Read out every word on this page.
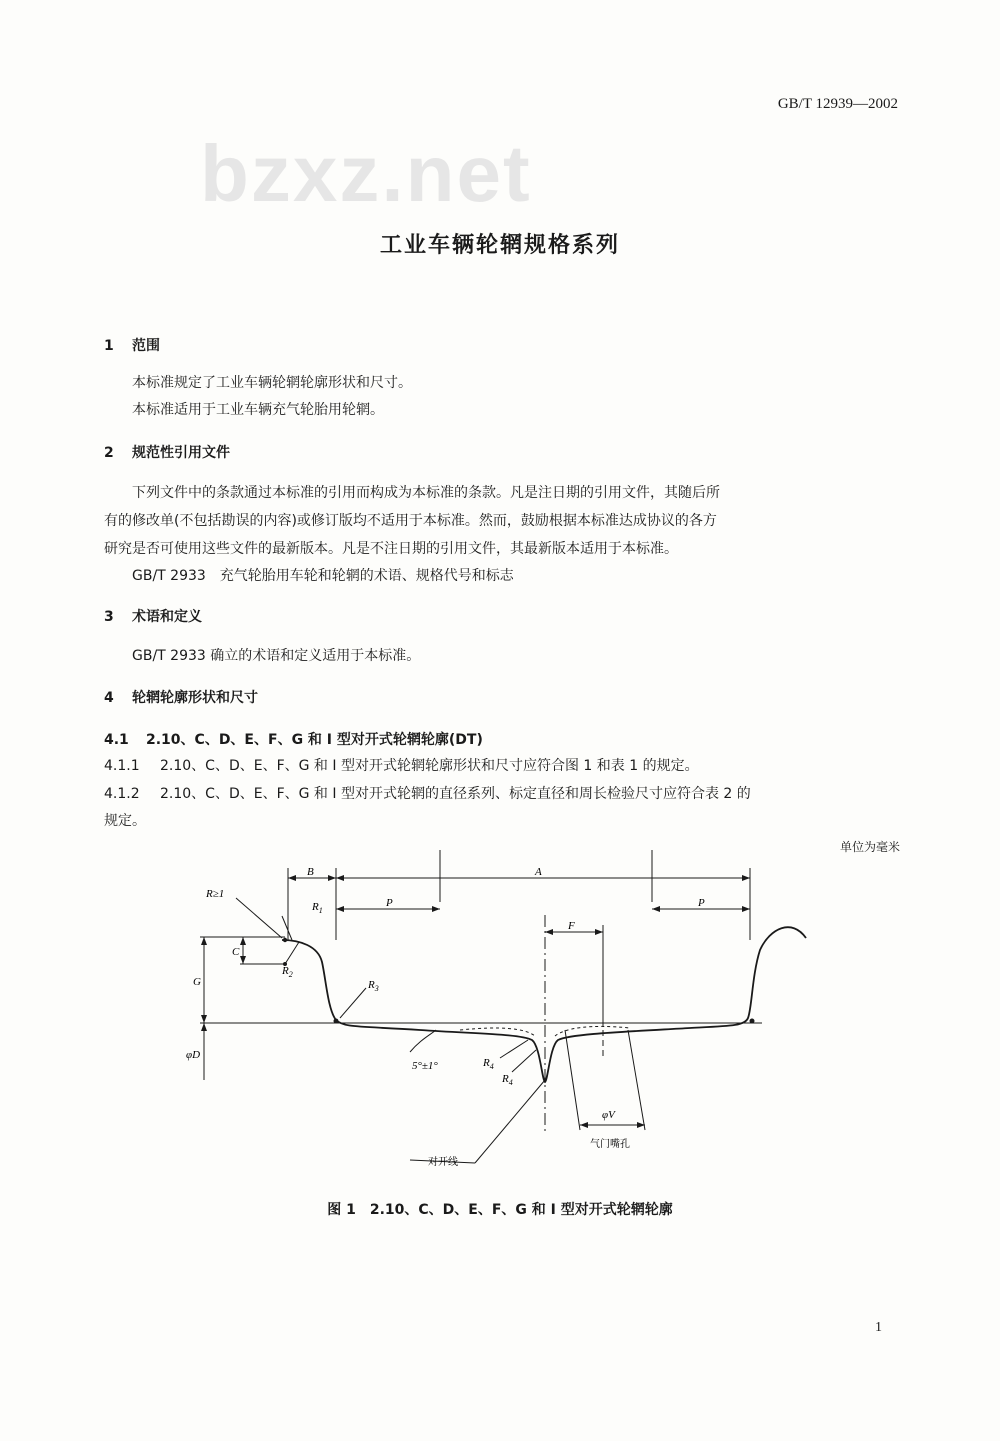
GB/T 12939—2002
bzxz.net
工业车辆轮辋规格系列
1 范围
本标准规定了工业车辆轮辋轮廓形状和尺寸。
本标准适用于工业车辆充气轮胎用轮辋。
2 规范性引用文件
下列文件中的条款通过本标准的引用而构成为本标准的条款。凡是注日期的引用文件，其随后所
有的修改单(不包括勘误的内容)或修订版均不适用于本标准。然而，鼓励根据本标准达成协议的各方
研究是否可使用这些文件的最新版本。凡是不注日期的引用文件，其最新版本适用于本标准。
GB/T 2933　充气轮胎用车轮和轮辋的术语、规格代号和标志
3 术语和定义
GB/T 2933 确立的术语和定义适用于本标准。
4 轮辋轮廓形状和尺寸
4.1 2.10、C、D、E、F、G 和 I 型对开式轮辋轮廓(DT)
4.1.1 2.10、C、D、E、F、G 和 I 型对开式轮辋轮廓形状和尺寸应符合图 1 和表 1 的规定。
4.1.2 2.10、C、D、E、F、G 和 I 型对开式轮辋的直径系列、标定直径和周长检验尺寸应符合表 2 的
规定。
单位为毫米
R≥1
B	A
$R_1$
P	P
F
C
G
$R_2$
$R_3$
φD
5°±1°	$R_4$
$R_4$
φV
气门嘴孔
对开线
图 1　2.10、C、D、E、F、G 和 I 型对开式轮辋轮廓
1
